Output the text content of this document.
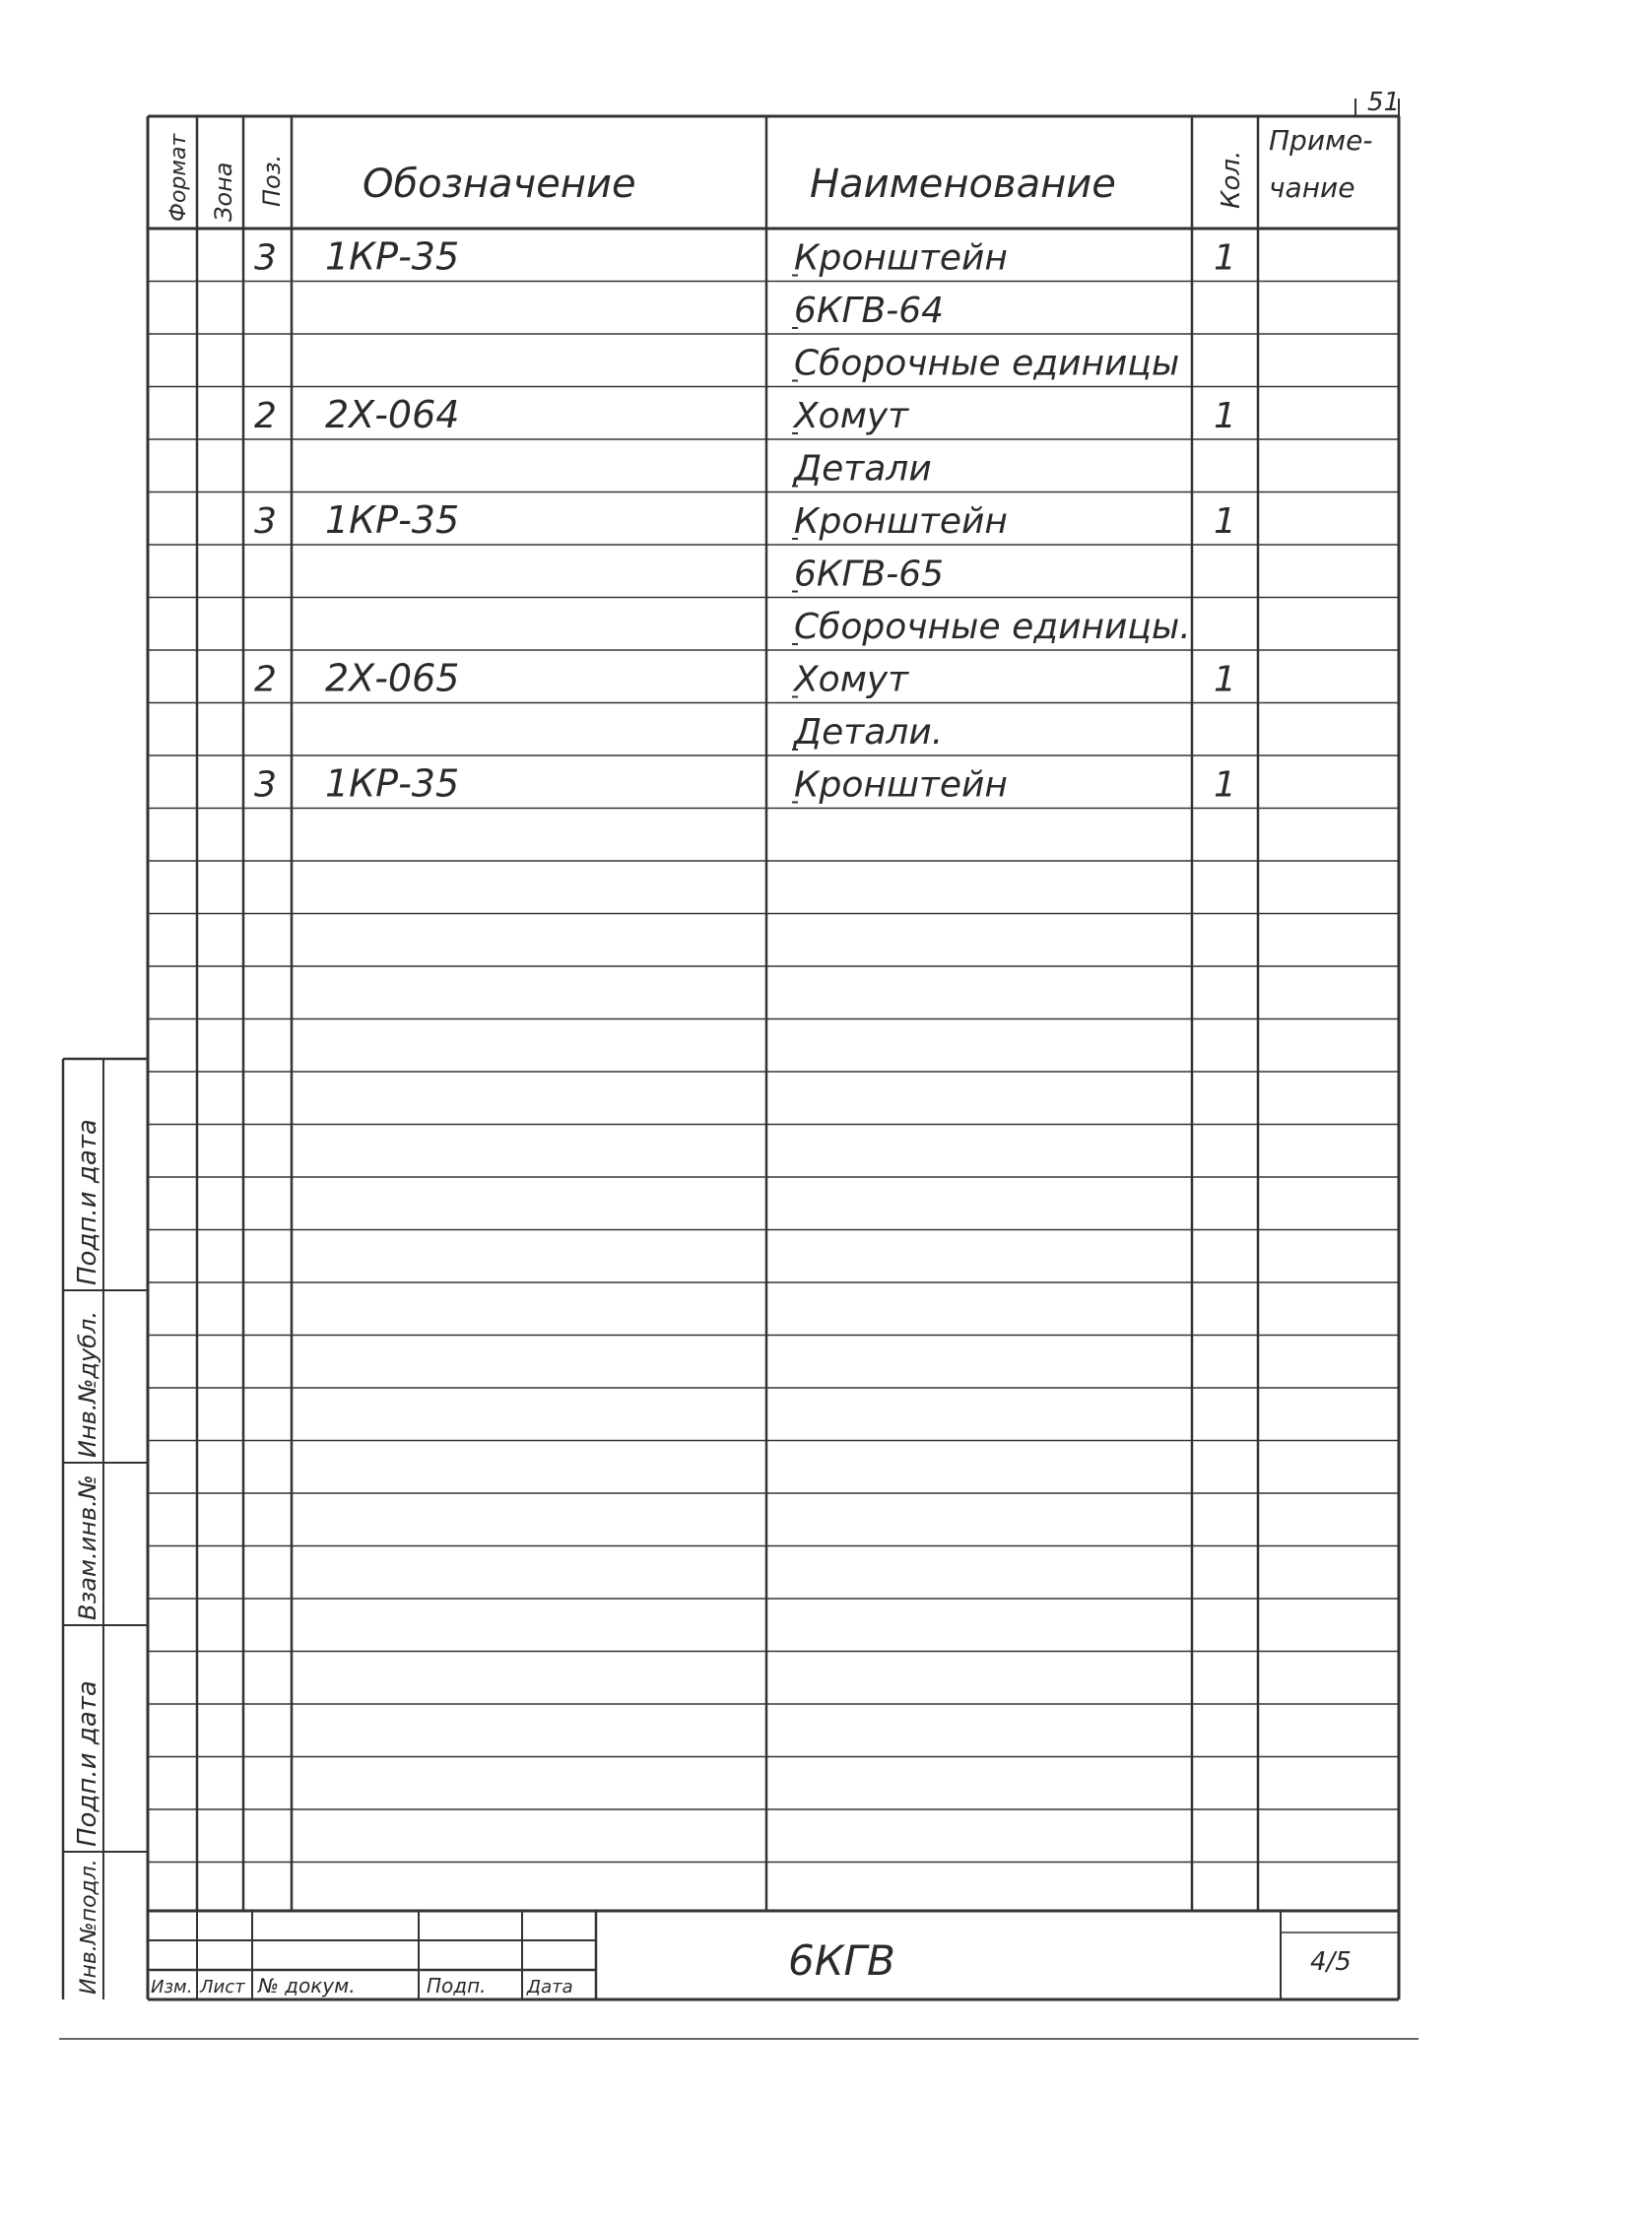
51
Формат Зона Поз. Обозначение	Наименование	Кол.
Приме-
чание
3 1КР-35	Кронштейн	1
6КГВ-64
Сборочные единицы
2 2Х-064	Хомут	1
Детали
3 1КР-35	Кронштейн	1
6КГВ-65
Сборочные единицы.
2 2Х-065	Хомут	1
Детали.
3 1КР-35	Кронштейн	1
Инв.№подл.
Подп.и дата
Взам.инв.№
Инв.№дубл.
Подп.и дата
Изм. Лист № докум.	Подп. Дата
6КГВ	4/5
